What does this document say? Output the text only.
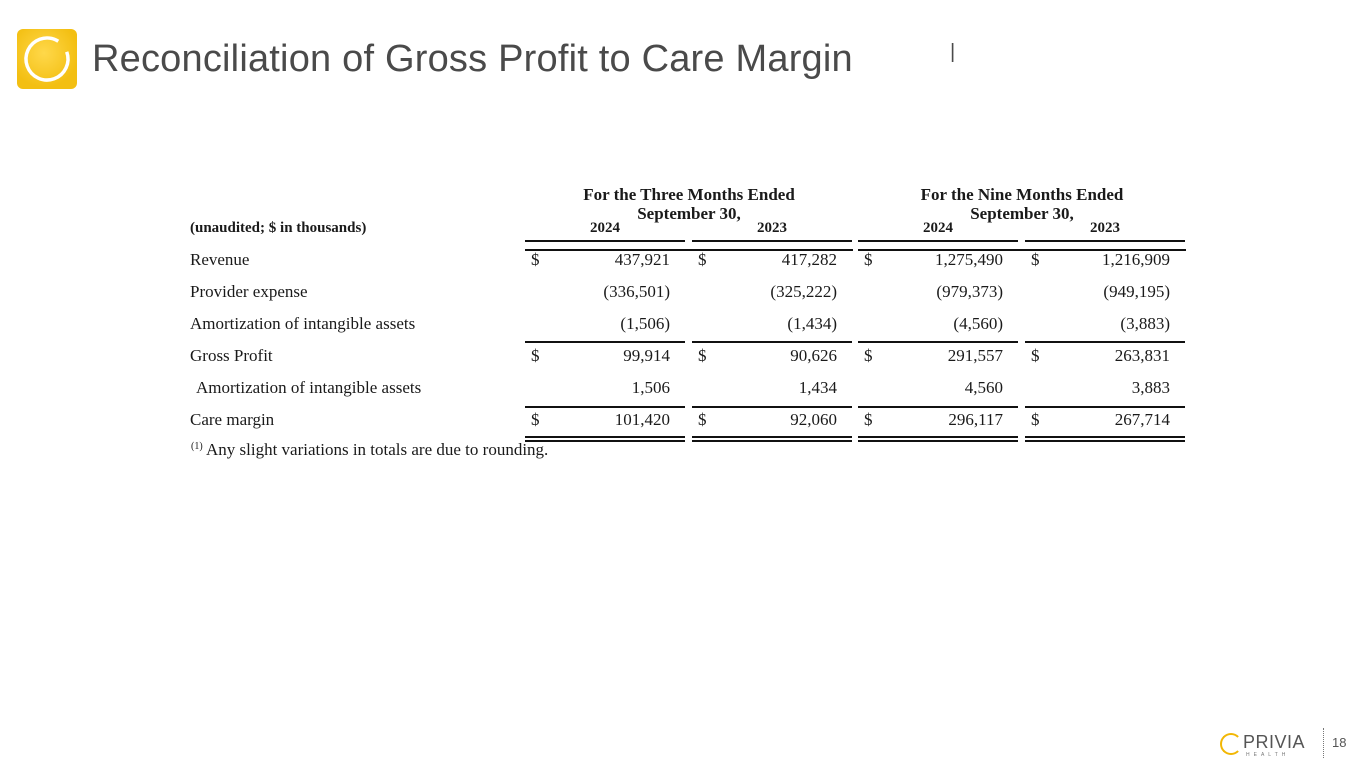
Reconciliation of Gross Profit to Care Margin	|

For the Three Months Ended
September 30,

For the Nine Months Ended
September 30,

(unaudited; $ in thousands)	2024	2023	2024	2023
Revenue	$	437,921 $	417,282 $	1,275,490 $	1,216,909
Provider expense	(336,501)	(325,222)	(979,373)	(949,195)
Amortization of intangible assets	(1,506)	(1,434)	(4,560)	(3,883)
Gross Profit	$	99,914 $	90,626 $	291,557 $	263,831
Amortization of intangible assets	1,506	1,434	4,560	3,883
Care margin	$	101,420 $	92,060 $	296,117 $	267,714
$^{(1)}$ Any slight variations in totals are due to rounding.
PRIVIA
HEALTH
18
